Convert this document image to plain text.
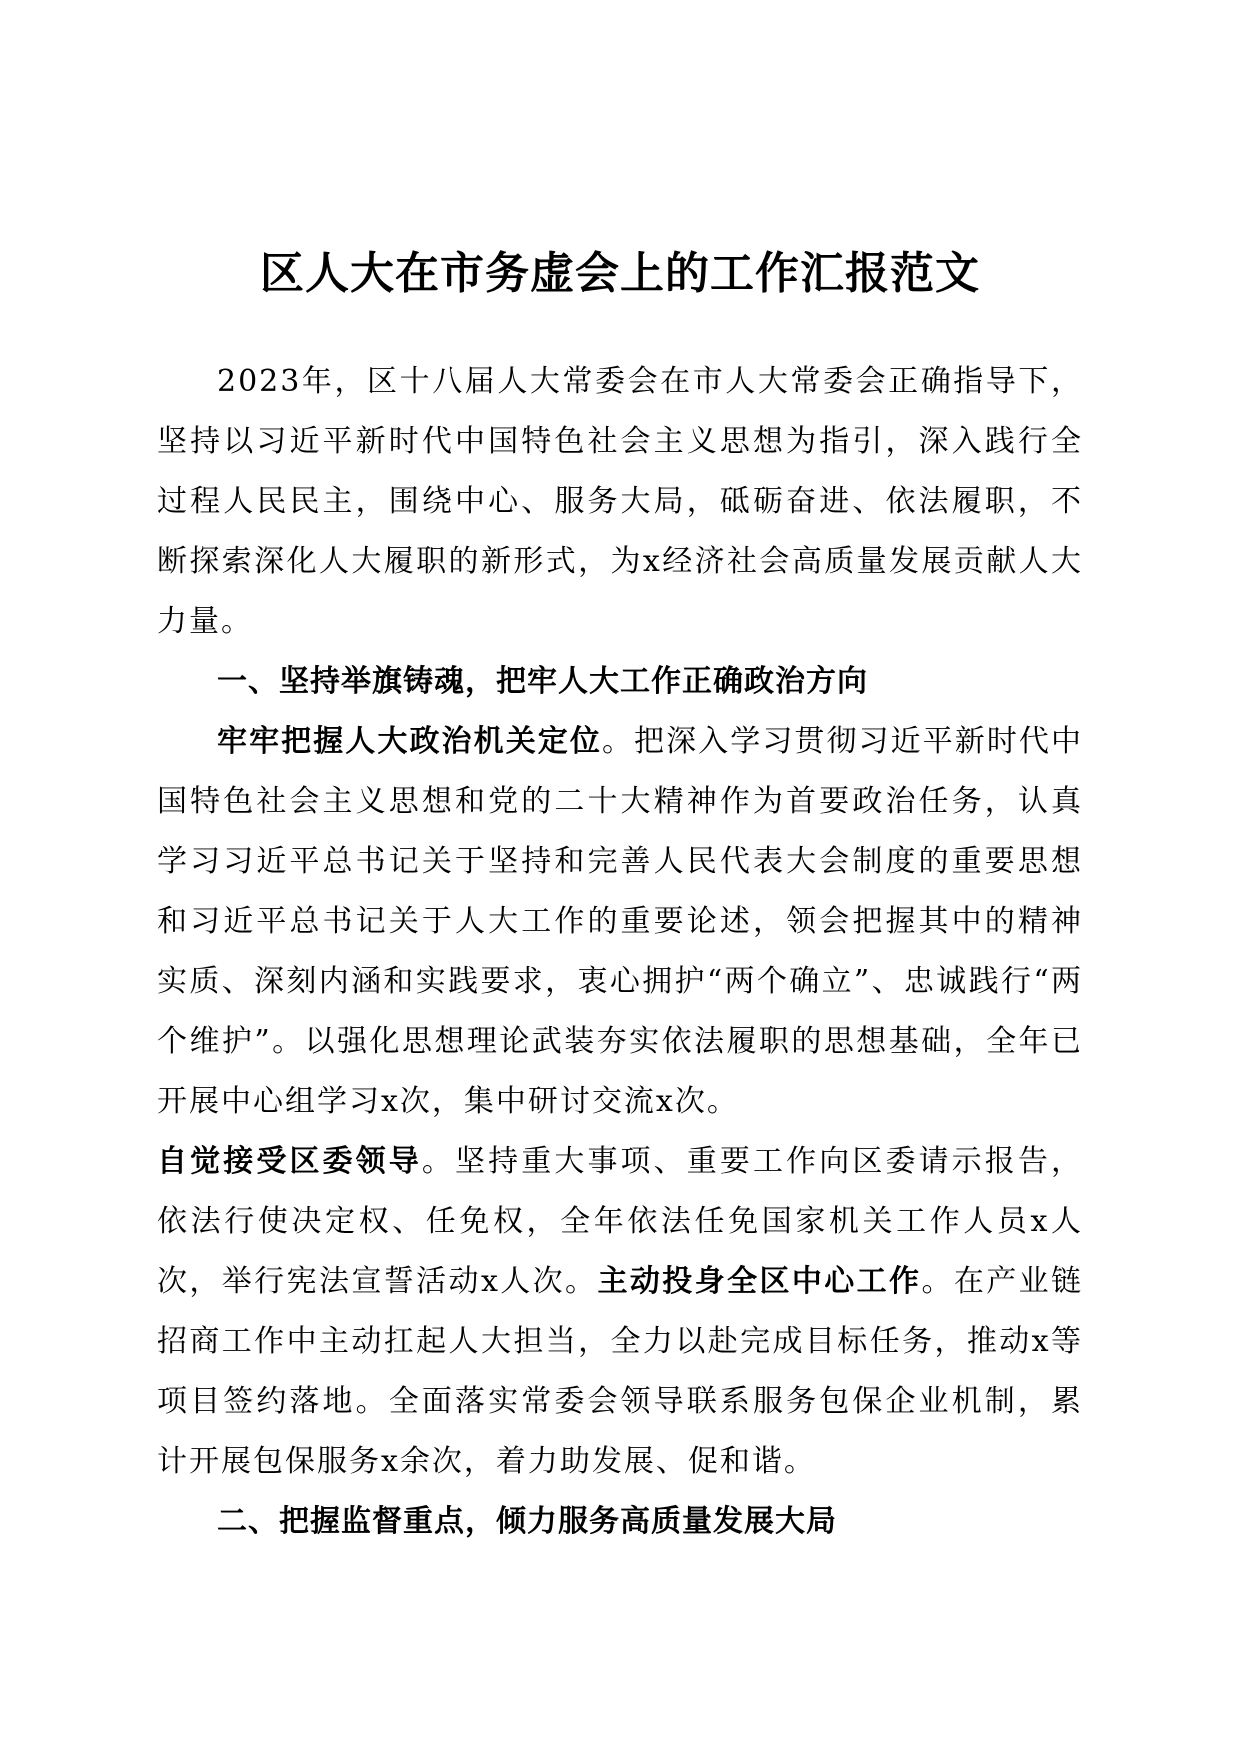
区人大在市务虚会上的工作汇报范文

2023年，区十八届人大常委会在市人大常委会正确指导下，坚持以习近平新时代中国特色社会主义思想为指引，深入践行全过程人民民主，围绕中心、服务大局，砥砺奋进、依法履职，不断探索深化人大履职的新形式，为x经济社会高质量发展贡献人大力量。

一、坚持举旗铸魂，把牢人大工作正确政治方向

牢牢把握人大政治机关定位。把深入学习贯彻习近平新时代中国特色社会主义思想和党的二十大精神作为首要政治任务，认真学习习近平总书记关于坚持和完善人民代表大会制度的重要思想和习近平总书记关于人大工作的重要论述，领会把握其中的精神实质、深刻内涵和实践要求，衷心拥护“两个确立”、忠诚践行“两个维护”。以强化思想理论武装夯实依法履职的思想基础，全年已开展中心组学习x次，集中研讨交流x次。

自觉接受区委领导。坚持重大事项、重要工作向区委请示报告，依法行使决定权、任免权，全年依法任免国家机关工作人员x人次，举行宪法宣誓活动x人次。主动投身全区中心工作。在产业链招商工作中主动扛起人大担当，全力以赴完成目标任务，推动x等项目签约落地。全面落实常委会领导联系服务包保企业机制，累计开展包保服务x余次，着力助发展、促和谐。

二、把握监督重点，倾力服务高质量发展大局
